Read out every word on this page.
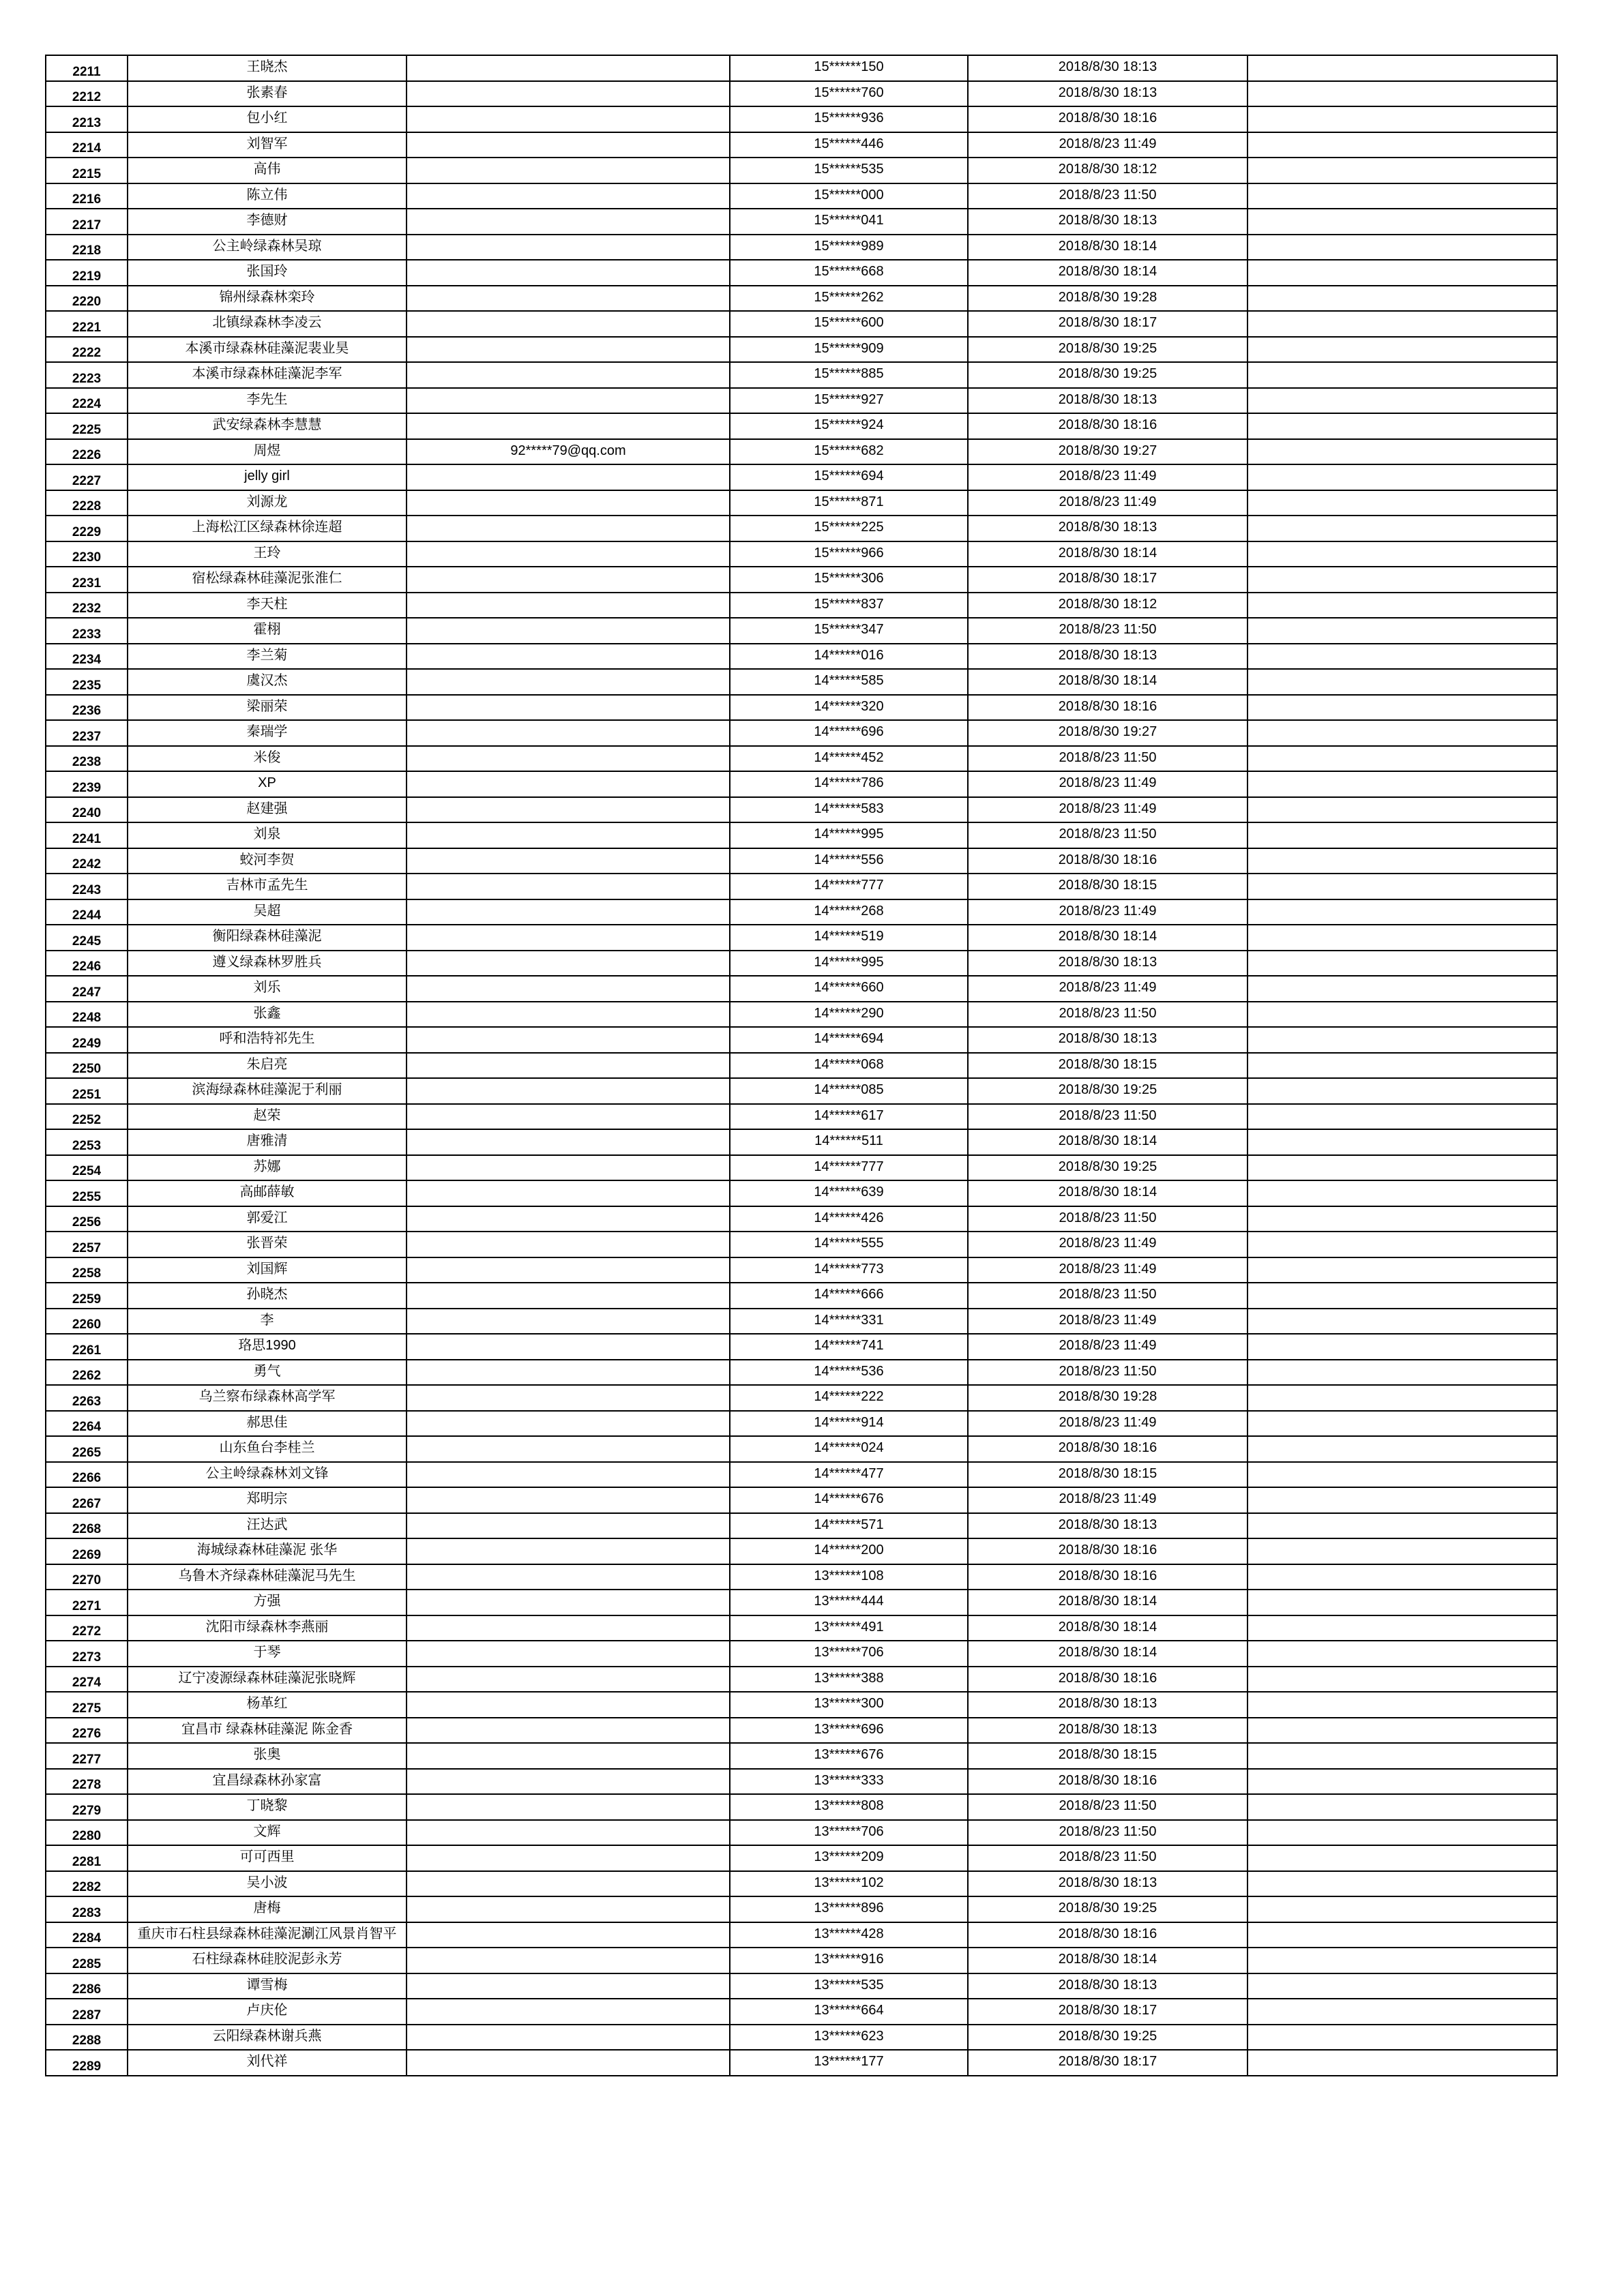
2211	王晓杰		15******150	2018/8/30 18:13	
2212	张素春		15******760	2018/8/30 18:13	
2213	包小红		15******936	2018/8/30 18:16	
2214	刘智军		15******446	2018/8/23 11:49	
2215	高伟		15******535	2018/8/30 18:12	
2216	陈立伟		15******000	2018/8/23 11:50	
2217	李德财		15******041	2018/8/30 18:13	
2218	公主岭绿森林吴琼		15******989	2018/8/30 18:14	
2219	张国玲		15******668	2018/8/30 18:14	
2220	锦州绿森林栾玲		15******262	2018/8/30 19:28	
2221	北镇绿森林李凌云		15******600	2018/8/30 18:17	
2222	本溪市绿森林硅藻泥裴业昊		15******909	2018/8/30 19:25	
2223	本溪市绿森林硅藻泥李军		15******885	2018/8/30 19:25	
2224	李先生		15******927	2018/8/30 18:13	
2225	武安绿森林李慧慧		15******924	2018/8/30 18:16	
2226	周煜	92*****79@qq.com	15******682	2018/8/30 19:27	
2227	jelly girl		15******694	2018/8/23 11:49	
2228	刘源龙		15******871	2018/8/23 11:49	
2229	上海松江区绿森林徐连超		15******225	2018/8/30 18:13	
2230	王玲		15******966	2018/8/30 18:14	
2231	宿松绿森林硅藻泥张淮仁		15******306	2018/8/30 18:17	
2232	李天柱		15******837	2018/8/30 18:12	
2233	霍栩		15******347	2018/8/23 11:50	
2234	李兰菊		14******016	2018/8/30 18:13	
2235	虞汉杰		14******585	2018/8/30 18:14	
2236	梁丽荣		14******320	2018/8/30 18:16	
2237	秦瑞学		14******696	2018/8/30 19:27	
2238	米俊		14******452	2018/8/23 11:50	
2239	XP		14******786	2018/8/23 11:49	
2240	赵建强		14******583	2018/8/23 11:49	
2241	刘泉		14******995	2018/8/23 11:50	
2242	蛟河李贺		14******556	2018/8/30 18:16	
2243	吉林市孟先生		14******777	2018/8/30 18:15	
2244	吴超		14******268	2018/8/23 11:49	
2245	衡阳绿森林硅藻泥		14******519	2018/8/30 18:14	
2246	遵义绿森林罗胜兵		14******995	2018/8/30 18:13	
2247	刘乐		14******660	2018/8/23 11:49	
2248	张鑫		14******290	2018/8/23 11:50	
2249	呼和浩特祁先生		14******694	2018/8/30 18:13	
2250	朱启亮		14******068	2018/8/30 18:15	
2251	滨海绿森林硅藻泥于利丽		14******085	2018/8/30 19:25	
2252	赵荣		14******617	2018/8/23 11:50	
2253	唐雅清		14******511	2018/8/30 18:14	
2254	苏娜		14******777	2018/8/30 19:25	
2255	高邮薛敏		14******639	2018/8/30 18:14	
2256	郭爱江		14******426	2018/8/23 11:50	
2257	张晋荣		14******555	2018/8/23 11:49	
2258	刘国辉		14******773	2018/8/23 11:49	
2259	孙晓杰		14******666	2018/8/23 11:50	
2260	李		14******331	2018/8/23 11:49	
2261	珞思1990		14******741	2018/8/23 11:49	
2262	勇气		14******536	2018/8/23 11:50	
2263	乌兰察布绿森林高学军		14******222	2018/8/30 19:28	
2264	郝思佳		14******914	2018/8/23 11:49	
2265	山东鱼台李桂兰		14******024	2018/8/30 18:16	
2266	公主岭绿森林刘文锋		14******477	2018/8/30 18:15	
2267	郑明宗		14******676	2018/8/23 11:49	
2268	汪达武		14******571	2018/8/30 18:13	
2269	海城绿森林硅藻泥 张华		14******200	2018/8/30 18:16	
2270	乌鲁木齐绿森林硅藻泥马先生		13******108	2018/8/30 18:16	
2271	方强		13******444	2018/8/30 18:14	
2272	沈阳市绿森林李燕丽		13******491	2018/8/30 18:14	
2273	于琴		13******706	2018/8/30 18:14	
2274	辽宁凌源绿森林硅藻泥张晓辉		13******388	2018/8/30 18:16	
2275	杨革红		13******300	2018/8/30 18:13	
2276	宜昌市 绿森林硅藻泥 陈金香		13******696	2018/8/30 18:13	
2277	张奥		13******676	2018/8/30 18:15	
2278	宜昌绿森林孙家富		13******333	2018/8/30 18:16	
2279	丁晓黎		13******808	2018/8/23 11:50	
2280	文辉		13******706	2018/8/23 11:50	
2281	可可西里		13******209	2018/8/23 11:50	
2282	吴小波		13******102	2018/8/30 18:13	
2283	唐梅		13******896	2018/8/30 19:25	
2284	重庆市石柱县绿森林硅藻泥涮江风景肖智平		13******428	2018/8/30 18:16	
2285	石柱绿森林硅胶泥彭永芳		13******916	2018/8/30 18:14	
2286	谭雪梅		13******535	2018/8/30 18:13	
2287	卢庆伦		13******664	2018/8/30 18:17	
2288	云阳绿森林谢兵燕		13******623	2018/8/30 19:25	
2289	刘代祥		13******177	2018/8/30 18:17	
